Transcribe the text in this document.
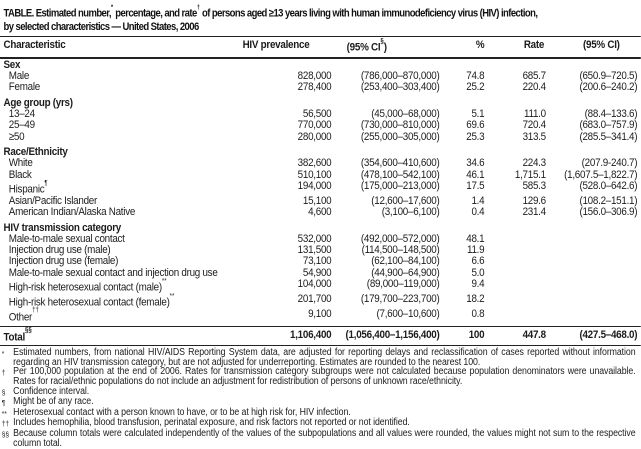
TABLE. Estimated number,* percentage, and rate† of persons aged ≥13 years living with human immunodeficiency virus (HIV) infection,
by selected characteristics — United States, 2006
Characteristic	HIV prevalence	(95% CI§)	%	Rate	(95% CI)
Sex
Male	828,000	(786,000–870,000)	74.8	685.7	(650.9–720.5)
Female	278,400	(253,400–303,400)	25.2	220.4	(200.6–240.2)
Age group (yrs)
13–24	56,500	(45,000–68,000)	5.1	111.0	(88.4–133.6)
25–49	770,000	(730,000–810,000)	69.6	720.4	(683.0–757.9)
≥50	280,000	(255,000–305,000)	25.3	313.5	(285.5–341.4)
Race/Ethnicity
White	382,600	(354,600–410,600)	34.6	224.3	(207.9-240.7)
Black	510,100	(478,100–542,100)	46.1	1,715.1	(1,607.5–1,822.7)
Hispanic¶	194,000	(175,000–213,000)	17.5	585.3	(528.0–642.6)
Asian/Pacific Islander	15,100	(12,600–17,600)	1.4	129.6	(108.2–151.1)
American Indian/Alaska Native	4,600	(3,100–6,100)	0.4	231.4	(156.0–306.9)
HIV transmission category
Male-to-male sexual contact	532,000	(492,000–572,000)	48.1
Injection drug use (male)	131,500	(114,500–148,500)	11.9
Injection drug use (female)	73,100	(62,100–84,100)	6.6
Male-to-male sexual contact and injection drug use	54,900	(44,900–64,900)	5.0
High-risk heterosexual contact (male)**	104,000	(89,000–119,000)	9.4
High-risk heterosexual contact (female)**	201,700	(179,700–223,700)	18.2
Other††	9,100	(7,600–10,600)	0.8
Total§§	1,106,400	(1,056,400–1,156,400)	100	447.8	(427.5–468.0)
* Estimated numbers, from national HIV/AIDS Reporting System data, are adjusted for reporting delays and reclassification of cases reported without information regarding an HIV transmission category, but are not adjusted for underreporting. Estimates are rounded to the nearest 100.
† Per 100,000 population at the end of 2006. Rates for transmission category subgroups were not calculated because population denominators were unavailable. Rates for racial/ethnic populations do not include an adjustment for redistribution of persons of unknown race/ethnicity.
§ Confidence interval.
¶ Might be of any race.
** Heterosexual contact with a person known to have, or to be at high risk for, HIV infection.
†† Includes hemophilia, blood transfusion, perinatal exposure, and risk factors not reported or not identified.
§§ Because column totals were calculated independently of the values of the subpopulations and all values were rounded, the values might not sum to the respective column total.
